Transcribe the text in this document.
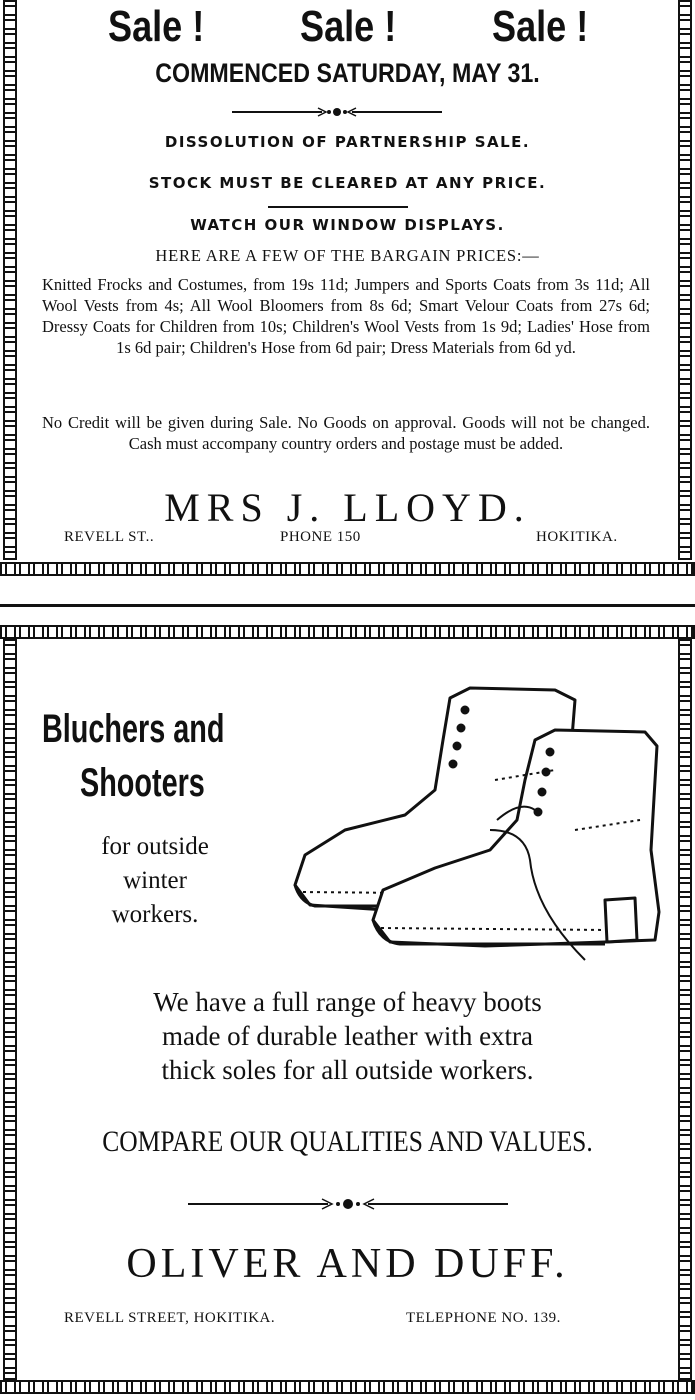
Sale ! Sale ! Sale !
COMMENCED SATURDAY, MAY 31.
DISSOLUTION OF PARTNERSHIP SALE.
STOCK MUST BE CLEARED AT ANY PRICE.
WATCH OUR WINDOW DISPLAYS.
HERE ARE A FEW OF THE BARGAIN PRICES:—
Knitted Frocks and Costumes, from 19s 11d; Jumpers and Sports Coats from 3s 11d; All Wool Vests from 4s; All Wool Bloomers from 8s 6d; Smart Velour Coats from 27s 6d; Dressy Coats for Children from 10s; Children's Wool Vests from 1s 9d; Ladies' Hose from 1s 6d pair; Children's Hose from 6d pair; Dress Materials from 6d yd.
No Credit will be given during Sale. No Goods on approval. Goods will not be changed. Cash must accompany country orders and postage must be added.
MRS J. LLOYD.
REVELL ST..	PHONE 150	HOKITIKA.
Bluchers and
Shooters
for outside
winter
workers.
We have a full range of heavy boots
made of durable leather with extra
thick soles for all outside workers.
COMPARE OUR QUALITIES AND VALUES.
OLIVER AND DUFF.
REVELL STREET, HOKITIKA.	TELEPHONE NO. 139.
